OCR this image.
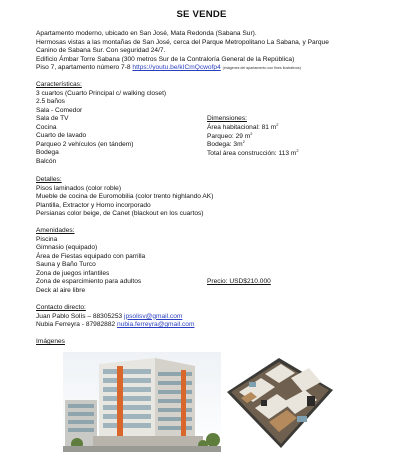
SE VENDE
Apartamento moderno, ubicado en San José, Mata Redonda (Sabana Sur).
Hermosas vistas a las montañas de San José, cerca del Parque Metropolitano La Sabana, y Parque
Canino de Sabana Sur. Con seguridad 24/7.
Edificio Ámbar Torre Sabana (300 metros Sur de la Contraloría General de la República)
Piso 7, apartamento número 7-8 https://youtu.be/kICmQcwofp4 (imágenes del apartamento con fines ilustrativos)
Características:
3 cuartos (Cuarto Principal c/ walking closet)
2.5 baños
Sala - Comedor
Sala de TV
Cocina
Cuarto de lavado
Parqueo 2 vehículos (en tándem)
Bodega
Balcón
Dimensiones:
Área habitacional: 81 $m^2$
Parqueo: 29 $m^2$
Bodega: $3m^2$
Total área construcción: 113 $m^2$
Detalles:
Pisos laminados (color roble)
Mueble de cocina de Euromobilia (color trento highlando AK)
Plantilla, Extractor y Horno incorporado
Persianas color beige, de Canet (blackout en los cuartos)
Amenidades:
Piscina
Gimnasio (equipado)
Área de Fiestas equipado con parrilla
Sauna y Baño Turco
Zona de juegos infantiles
Zona de esparcimiento para adultos
Deck al aire libre
Precio: USD$210.000
Contacto directo:
Juan Pablo Solís – 88305253 jpsolisv@gmail.com
Nubia Ferreyra - 87982882 nubia.ferreyra@gmail.com
Imágenes
